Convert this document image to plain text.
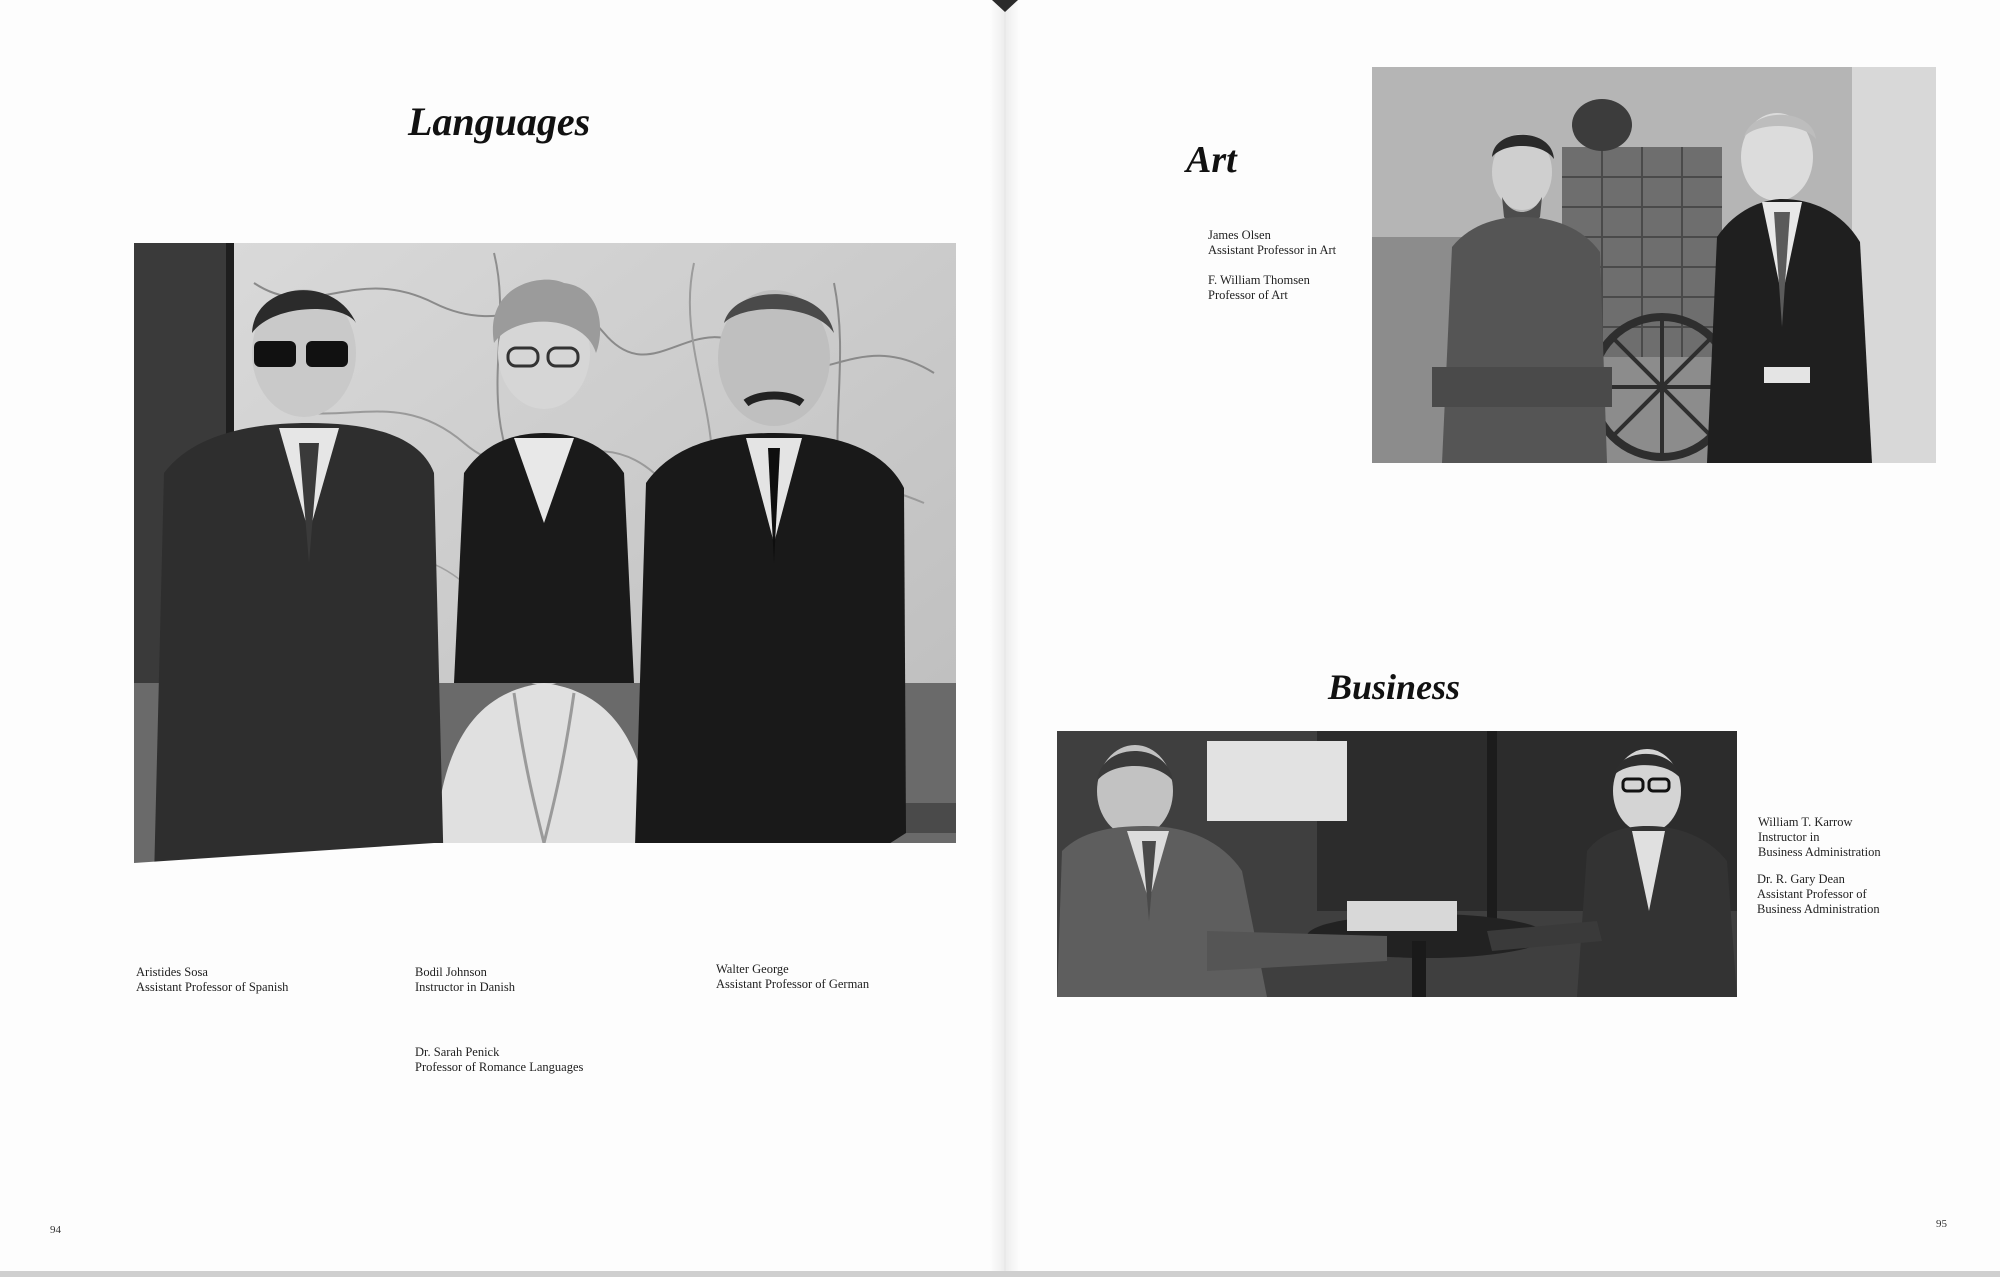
Languages
Aristides Sosa
Assistant Professor of Spanish
Bodil Johnson
Instructor in Danish
Walter George
Assistant Professor of German
Dr. Sarah Penick
Professor of Romance Languages
94
Art
James Olsen
Assistant Professor in Art
F. William Thomsen
Professor of Art
Business
William T. Karrow
Instructor in
Business Administration
Dr. R. Gary Dean
Assistant Professor of
Business Administration
95
